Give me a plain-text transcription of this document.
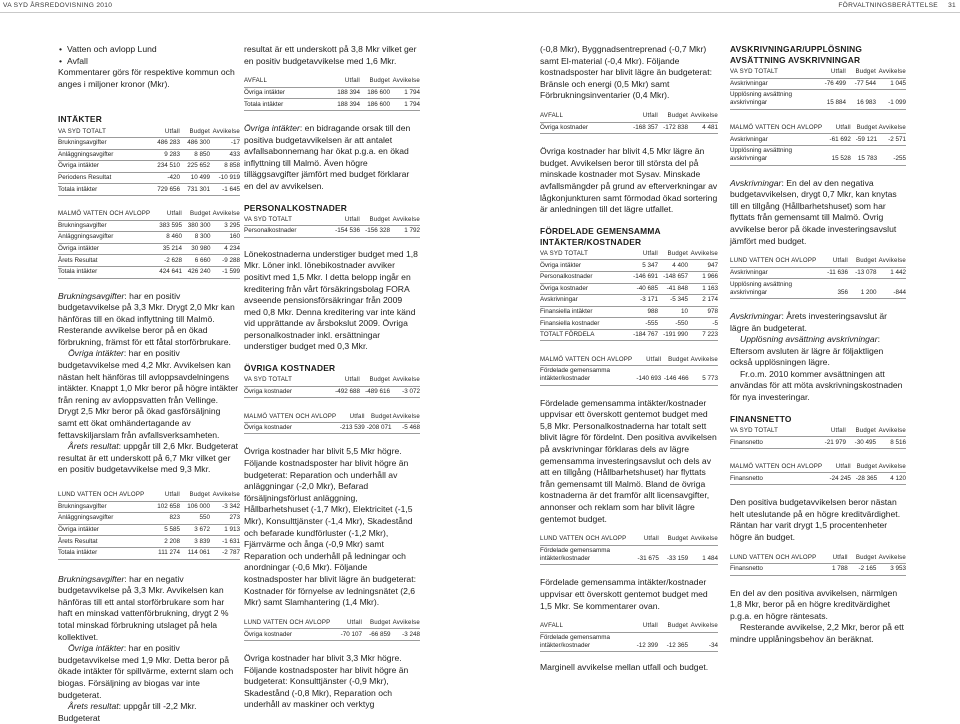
VA SYD ÅRSREDOVISNING 2010	FÖRVALTNINGSBERÄTTELSE 31
• Vatten och avlopp Lund
• Avfall

Kommentarer görs för respektive kommun och anges i miljoner kronor (Mkr).

INTÄKTER
VA SYD TOTALT	Utfall	Budget	Avvikelse
Brukningsavgifter	486 283	486 300	-17
Anläggningsavgifter	9 283	8 850	433
Övriga intäkter	234 510	225 652	8 858
Periodens Resultat	-420	10 499	-10 919
Totala intäkter	729 656	731 301	-1 645
MALMÖ VATTEN OCH AVLOPP	Utfall	Budget	Avvikelse
Brukningsavgifter	383 595	380 300	3 295
Anläggningsavgifter	8 460	8 300	160
Övriga intäkter	35 214	30 980	4 234
Årets Resultat	-2 628	6 660	-9 288
Totala intäkter	424 641	426 240	-1 599

Brukningsavgifter: har en positiv budgetavvikelse på 3,3 Mkr. Drygt 2,0 Mkr kan hänföras till en ökad inflyttning till Malmö. Resterande avvikelse beror på en ökad förbrukning, främst för ett fåtal storförbrukare.

Övriga intäkter: har en positiv budgetavvikelse med 4,2 Mkr. Avvikelsen kan nästan helt hänföras till avloppsavdelningens intäkter. Knappt 1,0 Mkr beror på högre intäkter från rening av avloppsvatten från Vellinge. Drygt 2,5 Mkr beror på ökad gasförsäljning samt ett ökat omhändertagande av fettavskiljarslam från avfallsverksamheten.

Årets resultat: uppgår till 2,6 Mkr. Budgeterat resultat är ett underskott på 6,7 Mkr vilket ger en positiv budgetavvikelse med 9,3 Mkr.

LUND VATTEN OCH AVLOPP	Utfall	Budget	Avvikelse
Brukningsavgifter	102 658	106 000	-3 342
Anläggningsavgifter	823	550	273
Övriga intäkter	5 585	3 672	1 913
Årets Resultat	2 208	3 839	-1 631
Totala intäkter	111 274	114 061	-2 787

Brukningsavgifter: har en negativ budgetavvikelse på 3,3 Mkr. Avvikelsen kan hänföras till ett antal storförbrukare som har haft en minskad vattenförbrukning, drygt 2 % total minskad förbrukning utslaget på hela kollektivet.

Övriga intäkter: har en positiv budgetavvikelse med 1,9 Mkr. Detta beror på ökade intäkter för spillvärme, externt slam och biogas. Försäljning av biogas var inte budgeterat.

Årets resultat: uppgår till -2,2 Mkr. Budgeterat

resultat är ett underskott på 3,8 Mkr vilket ger en positiv budgetavvikelse med 1,6 Mkr.

AVFALL	Utfall	Budget	Avvikelse
Övriga intäkter	188 394	186 600	1 794
Totala intäkter	188 394	186 600	1 794

Övriga intäkter: en bidragande orsak till den positiva budgetavvikelsen är att antalet avfallsabonnemang har ökat p.g.a. en ökad inflyttning till Malmö. Även högre tilläggsavgifter jämfört med budget förklarar en del av avvikelsen.

PERSONALKOSTNADER
VA SYD TOTALT	Utfall	Budget	Avvikelse
Personalkostnader	-154 536	-156 328	1 792

Lönekostnaderna understiger budget med 1,8 Mkr. Löner inkl. lönebikostnader avviker positivt med 1,5 Mkr. I detta belopp ingår en kreditering från vårt försäkringsbolag FORA avseende pensionsförsäkringar från 2009 med 0,8 Mkr. Denna kreditering var inte känd vid upprättande av årsbokslut 2009. Övriga personalkostnader inkl. ersättningar understiger budget med 0,3 Mkr.

ÖVRIGA KOSTNADER
VA SYD TOTALT	Utfall	Budget	Avvikelse
Övriga kostnader	-492 688	-489 616	-3 072
MALMÖ VATTEN OCH AVLOPP	Utfall	Budget	Avvikelse
Övriga kostnader	-213 539	-208 071	-5 468

Övriga kostnader har blivit 5,5 Mkr högre. Följande kostnadsposter har blivit högre än budgeterat: Reparation och underhåll av anläggningar (-2,0 Mkr), Befarad försäljningsförlust anläggning, Hållbarhetshuset (-1,7 Mkr), Elektricitet (-1,5 Mkr), Konsulttjänster (-1,4 Mkr), Skadestånd och befarade kundförluster (-1,2 Mkr), Fjärrvärme och ånga (-0,9 Mkr) samt Reparation och underhåll på ledningar och anordningar (-0,6 Mkr). Följande kostnadsposter har blivit lägre än budgeterat: Kostnader för förnyelse av ledningsnätet (2,6 Mkr) samt Slamhantering (1,4 Mkr).

LUND VATTEN OCH AVLOPP	Utfall	Budget	Avvikelse
Övriga kostnader	-70 107	-66 859	-3 248

Övriga kostnader har blivit 3,3 Mkr högre. Följande kostnadsposter har blivit högre än budgeterat: Konsulttjänster (-0,9 Mkr), Skadestånd (-0,8 Mkr), Reparation och underhåll av maskiner och verktyg

(-0,8 Mkr), Byggnadsentreprenad (-0,7 Mkr) samt El-material (-0,4 Mkr). Följande kostnadsposter har blivit lägre än budgeterat: Bränsle och energi (0,5 Mkr) samt Förbrukningsinventarier (0,4 Mkr).

AVFALL	Utfall	Budget	Avvikelse
Övriga kostnader	-168 357	-172 838	4 481

Övriga kostnader har blivit 4,5 Mkr lägre än budget. Avvikelsen beror till största del på minskade kostnader mot Sysav. Minskade avfallsmängder på grund av efterverkningar av lågkonjunkturen samt förmodad ökad sortering är anledningen till det lägre utfallet.

FÖRDELADE GEMENSAMMA INTÄKTER/KOSTNADER
VA SYD TOTALT	Utfall	Budget	Avvikelse
Övriga intäkter	5 347	4 400	947
Personalkostnader	-146 691	-148 657	1 966
Övriga kostnader	-40 685	-41 848	1 163
Avskrivningar	-3 171	-5 345	2 174
Finansiella intäkter	988	10	978
Finansiella kostnader	-555	-550	-5
TOTALT FÖRDELA	-184 767	-191 990	7 223
MALMÖ VATTEN OCH AVLOPP	Utfall	Budget	Avvikelse
Fördelade gemensamma intäkter/kostnader	-140 693	-146 466	5 773

Fördelade gemensamma intäkter/kostnader uppvisar ett överskott gentemot budget med 5,8 Mkr. Personalkostnaderna har totalt sett blivit lägre för fördelnt. Den positiva avvikelsen på avskrivningar förklaras dels av lägre gemensamma investeringsavslut och dels av att en tillgång (Hållbarhetshuset) har flyttats från gemensamt till Malmö. Bland de övriga kostnaderna är det framför allt licensavgifter, annonser och reklam som har blivit lägre gentemot budget.

LUND VATTEN OCH AVLOPP	Utfall	Budget	Avvikelse
Fördelade gemensamma intäkter/kostnader	-31 675	-33 159	1 484

Fördelade gemensamma intäkter/kostnader uppvisar ett överskott gentemot budget med 1,5 Mkr. Se kommentarer ovan.

AVFALL	Utfall	Budget	Avvikelse
Fördelade gemensamma intäkter/kostnader	-12 399	-12 365	-34

Marginell avvikelse mellan utfall och budget.

AVSKRIVNINGAR/UPPLÖSNING AVSÄTTNING AVSKRIVNINGAR
VA SYD TOTALT	Utfall	Budget	Avvikelse
Avskrivningar	-76 499	-77 544	1 045
Upplösning avsättning avskrivningar	15 884	16 983	-1 099
MALMÖ VATTEN OCH AVLOPP	Utfall	Budget	Avvikelse
Avskrivningar	-61 692	-59 121	-2 571
Upplösning avsättning avskrivningar	15 528	15 783	-255

Avskrivningar: En del av den negativa budgetavvikelsen, drygt 0,7 Mkr, kan knytas till en tillgång (Hållbarhetshuset) som har flyttats från gemensamt till Malmö. Övrig avvikelse beror på ökade investeringsavslut jämfört med budget.

LUND VATTEN OCH AVLOPP	Utfall	Budget	Avvikelse
Avskrivningar	-11 636	-13 078	1 442
Upplösning avsättning avskrivningar	356	1 200	-844

Avskrivningar: Årets investeringsavslut är lägre än budgeterat.

Upplösning avsättning avskrivningar: Eftersom avsluten är lägre är följaktligen också upplösningen lägre.

Fr.o.m. 2010 kommer avsättningen att användas för att möta avskrivningskostnaden för nya investeringar.

FINANSNETTO
VA SYD TOTALT	Utfall	Budget	Avvikelse
Finansnetto	-21 979	-30 495	8 516
MALMÖ VATTEN OCH AVLOPP	Utfall	Budget	Avvikelse
Finansnetto	-24 245	-28 365	4 120

Den positiva budgetavvikelsen beror nästan helt uteslutande på en högre kreditvärdighet. Räntan har varit drygt 1,5 procentenheter högre än budget.

LUND VATTEN OCH AVLOPP	Utfall	Budget	Avvikelse
Finansnetto	1 788	-2 165	3 953

En del av den positiva avvikelsen, närmlgen 1,8 Mkr, beror på en högre kreditvärdighet p.g.a. en högre räntesats.

Resterande avvikelse, 2,2 Mkr, beror på ett mindre upplåningsbehov än beräknat.
